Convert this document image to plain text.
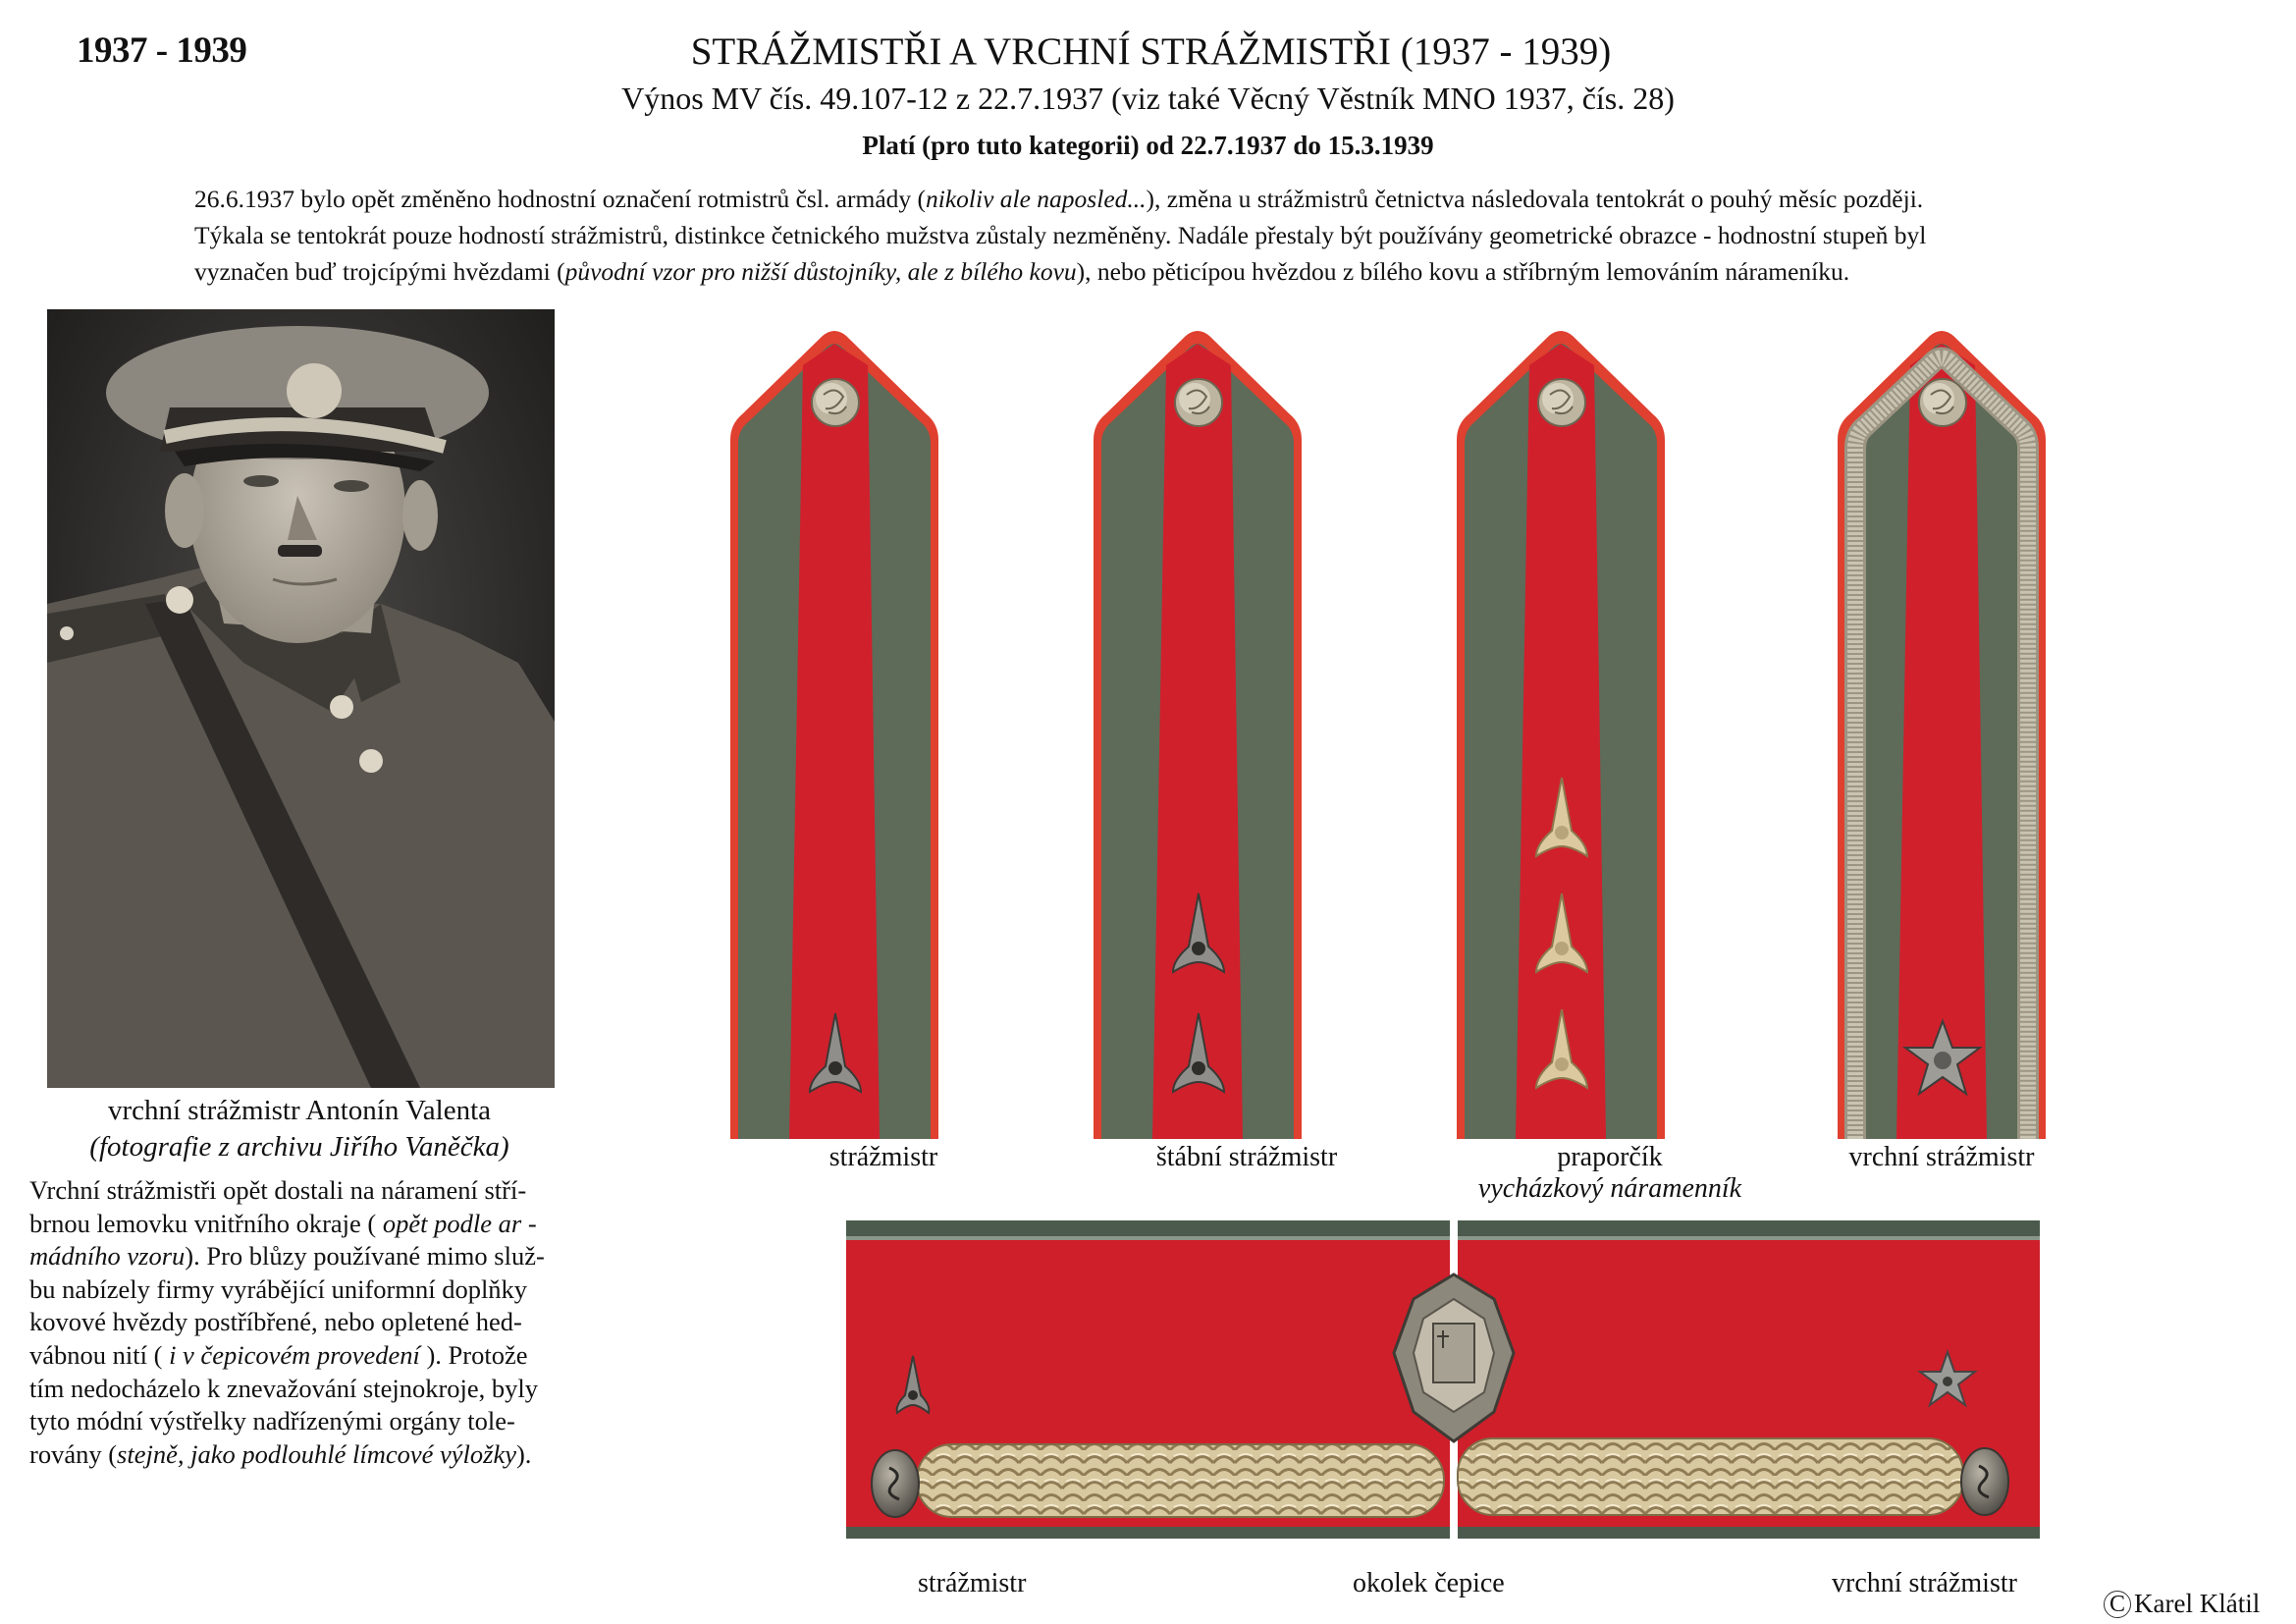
1937 - 1939	STRÁŽMISTŘI A VRCHNÍ STRÁŽMISTŘI (1937 - 1939)
Výnos MV čís. 49.107-12 z 22.7.1937 (viz také Věcný Věstník MNO 1937, čís. 28)
Platí (pro tuto kategorii) od 22.7.1937 do 15.3.1939

26.6.1937 bylo opět změněno hodnostní označení rotmistrů čsl. armády (nikoliv ale naposled...), změna u strážmistrů četnictva následovala tentokrát o pouhý měsíc později.

Týkala se tentokrát pouze hodností strážmistrů, distinkce četnického mužstva zůstaly nezměněny. Nadále přestaly být používány geometrické obrazce - hodnostní stupeň byl

vyznačen buď trojcípými hvězdami (původní vzor pro nižší důstojníky, ale z bílého kovu), nebo pěticípou hvězdou z bílého kovu a stříbrným lemováním nárameníku.

vrchní strážmistr Antonín Valenta
(fotografie z archivu Jiřího Vaněčka)

Vrchní strážmistři opět dostali na náramení stří-

brnou lemovku vnitřního okraje ( opět podle ar -

mádního vzoru). Pro blůzy používané mimo služ-

bu nabízely firmy vyrábějící uniformní doplňky

kovové hvězdy postříbřené, nebo opletené hed-

vábnou nití ( i v čepicovém provedení ). Protože

tím nedocházelo k znevažování stejnokroje, byly

tyto módní výstřelky nadřízenými orgány tole-

rovány (stejně, jako podlouhlé límcové výložky).

strážmistr	štábní strážmistr	praporčík
vycházkový náramenník
vrchní strážmistr
strážmistr	okolek čepice	vrchní strážmistr
C Karel Klátil
